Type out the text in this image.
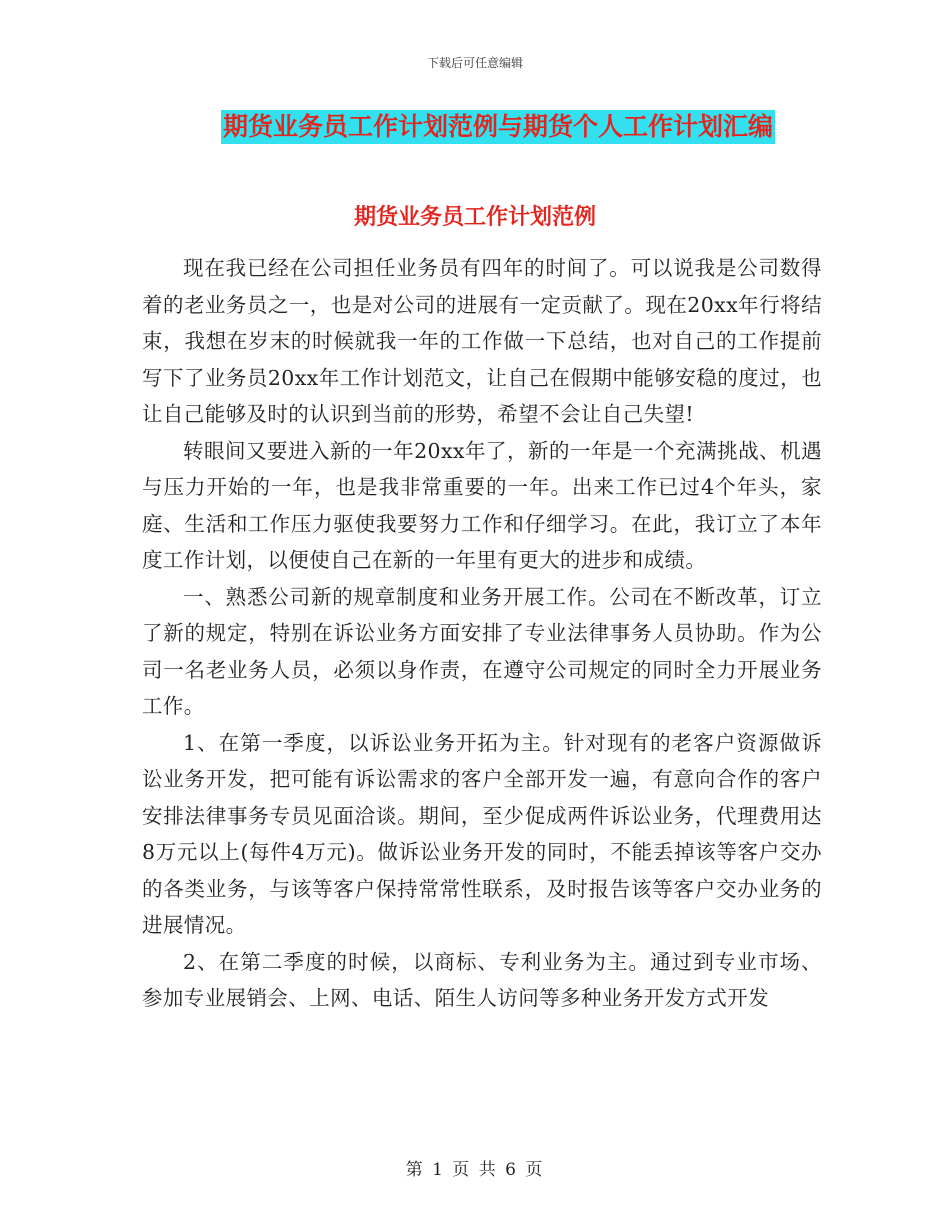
下载后可任意编辑
期货业务员工作计划范例与期货个人工作计划汇编
期货业务员工作计划范例

现在我已经在公司担任业务员有四年的时间了。可以说我是公司数得着的老业务员之一，也是对公司的进展有一定贡献了。现在20xx年行将结束，我想在岁末的时候就我一年的工作做一下总结，也对自己的工作提前写下了业务员20xx年工作计划范文，让自己在假期中能够安稳的度过，也让自己能够及时的认识到当前的形势，希望不会让自己失望!

转眼间又要进入新的一年20xx年了，新的一年是一个充满挑战、机遇与压力开始的一年，也是我非常重要的一年。出来工作已过4个年头，家庭、生活和工作压力驱使我要努力工作和仔细学习。在此，我订立了本年度工作计划，以便使自己在新的一年里有更大的进步和成绩。

一、熟悉公司新的规章制度和业务开展工作。公司在不断改革，订立了新的规定，特别在诉讼业务方面安排了专业法律事务人员协助。作为公司一名老业务人员，必须以身作责，在遵守公司规定的同时全力开展业务工作。

1、在第一季度，以诉讼业务开拓为主。针对现有的老客户资源做诉讼业务开发，把可能有诉讼需求的客户全部开发一遍，有意向合作的客户安排法律事务专员见面洽谈。期间，至少促成两件诉讼业务，代理费用达8万元以上(每件4万元)。做诉讼业务开发的同时，不能丢掉该等客户交办的各类业务，与该等客户保持常常性联系，及时报告该等客户交办业务的进展情况。

2、在第二季度的时候，以商标、专利业务为主。通过到专业市场、参加专业展销会、上网、电话、陌生人访问等多种业务开发方式开发

第 1 页 共 6 页
